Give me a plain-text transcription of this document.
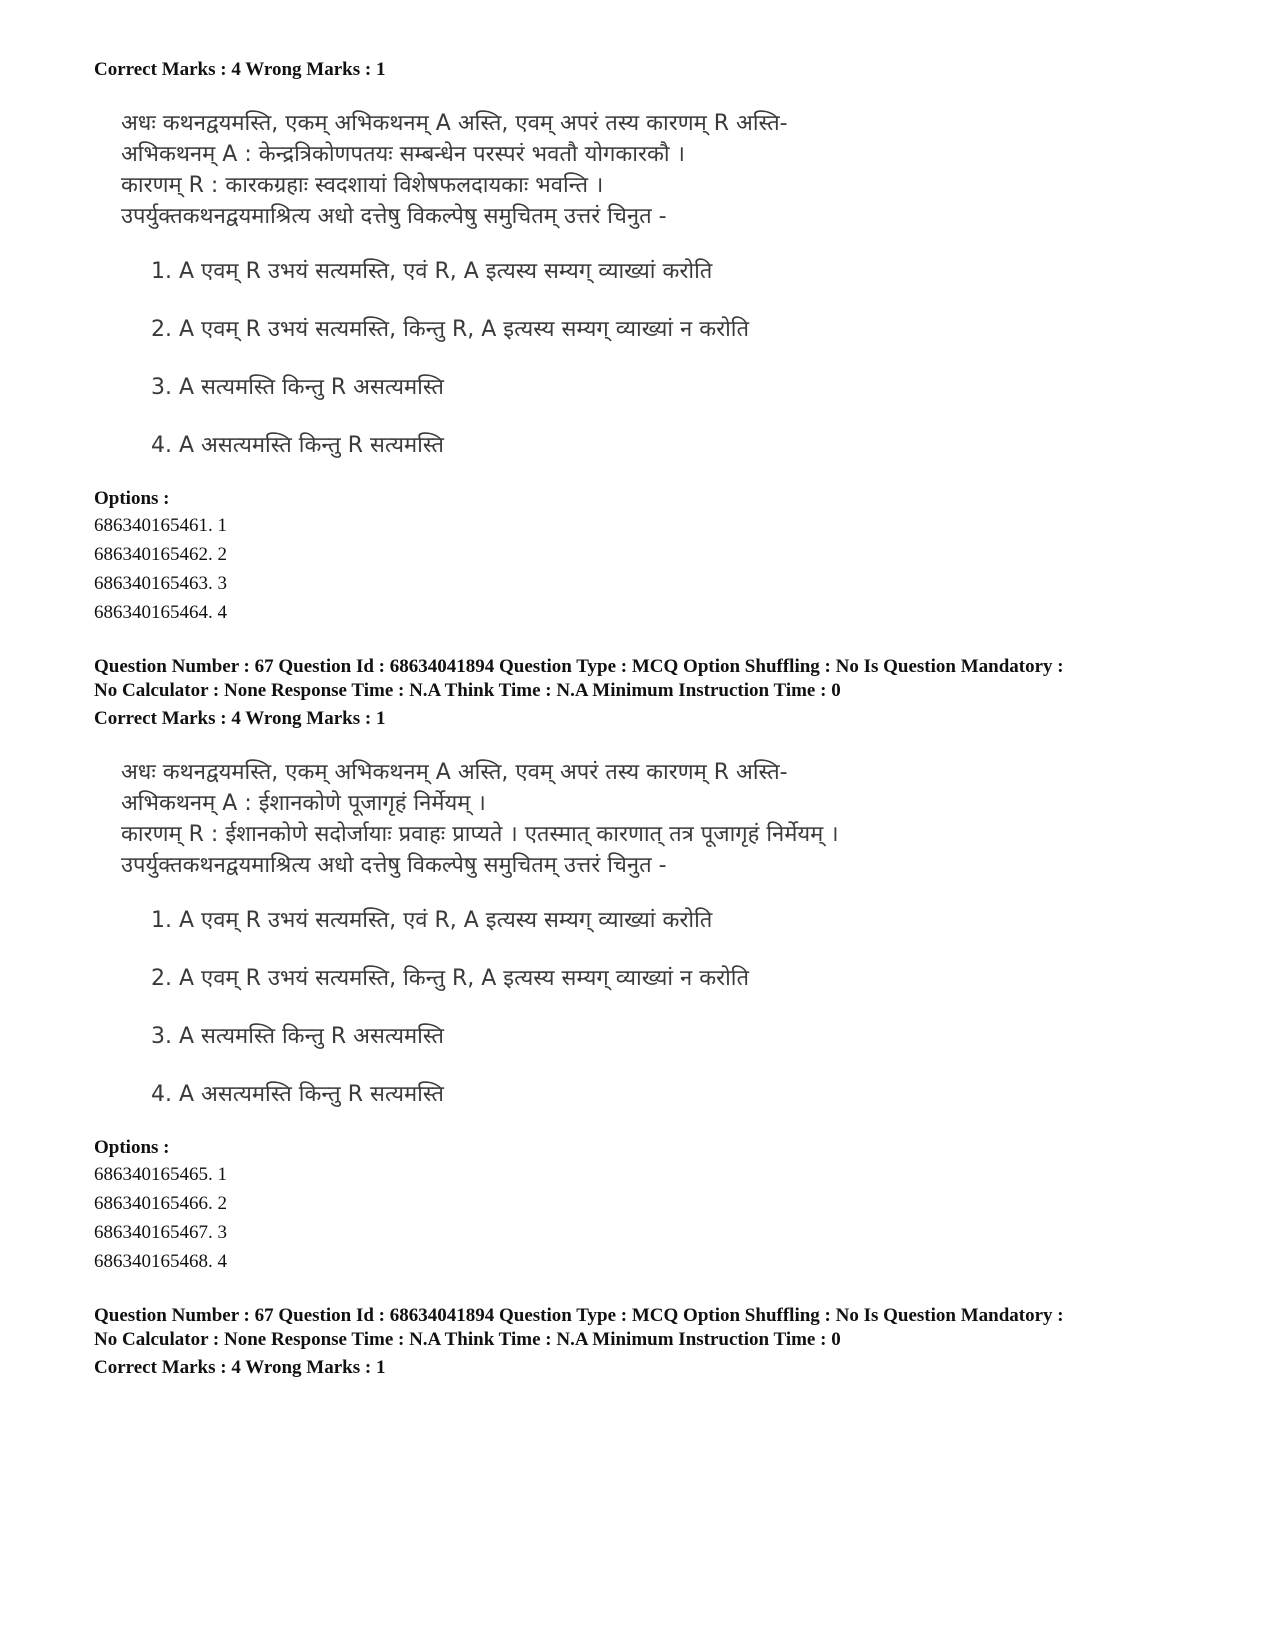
Correct Marks : 4 Wrong Marks : 1
अधः कथनद्वयमस्ति, एकम् अभिकथनम् A अस्ति, एवम् अपरं तस्य कारणम् R अस्ति-
अभिकथनम् A : केन्द्रत्रिकोणपतयः सम्बन्धेन परस्परं भवतौ योगकारकौ ।
कारणम् R : कारकग्रहाः स्वदशायां विशेषफलदायकाः भवन्ति ।
उपर्युक्तकथनद्वयमाश्रित्य अधो दत्तेषु विकल्पेषु समुचितम् उत्तरं चिनुत -
1. A एवम् R उभयं सत्यमस्ति, एवं R, A इत्यस्य सम्यग् व्याख्यां करोति
2. A एवम् R उभयं सत्यमस्ति, किन्तु R, A इत्यस्य सम्यग् व्याख्यां न करोति
3. A सत्यमस्ति किन्तु R असत्यमस्ति
4. A असत्यमस्ति किन्तु R सत्यमस्ति
Options :
686340165461. 1
686340165462. 2
686340165463. 3
686340165464. 4
Question Number : 67 Question Id : 68634041894 Question Type : MCQ Option Shuffling : No Is Question Mandatory :
No Calculator : None Response Time : N.A Think Time : N.A Minimum Instruction Time : 0
Correct Marks : 4 Wrong Marks : 1
अधः कथनद्वयमस्ति, एकम् अभिकथनम् A अस्ति, एवम् अपरं तस्य कारणम् R अस्ति-
अभिकथनम् A : ईशानकोणे पूजागृहं निर्मेयम् ।
कारणम् R : ईशानकोणे सदोर्जायाः प्रवाहः प्राप्यते । एतस्मात् कारणात् तत्र पूजागृहं निर्मेयम् ।
उपर्युक्तकथनद्वयमाश्रित्य अधो दत्तेषु विकल्पेषु समुचितम् उत्तरं चिनुत -
1. A एवम् R उभयं सत्यमस्ति, एवं R, A इत्यस्य सम्यग् व्याख्यां करोति
2. A एवम् R उभयं सत्यमस्ति, किन्तु R, A इत्यस्य सम्यग् व्याख्यां न करोति
3. A सत्यमस्ति किन्तु R असत्यमस्ति
4. A असत्यमस्ति किन्तु R सत्यमस्ति
Options :
686340165465. 1
686340165466. 2
686340165467. 3
686340165468. 4
Question Number : 67 Question Id : 68634041894 Question Type : MCQ Option Shuffling : No Is Question Mandatory :
No Calculator : None Response Time : N.A Think Time : N.A Minimum Instruction Time : 0
Correct Marks : 4 Wrong Marks : 1
